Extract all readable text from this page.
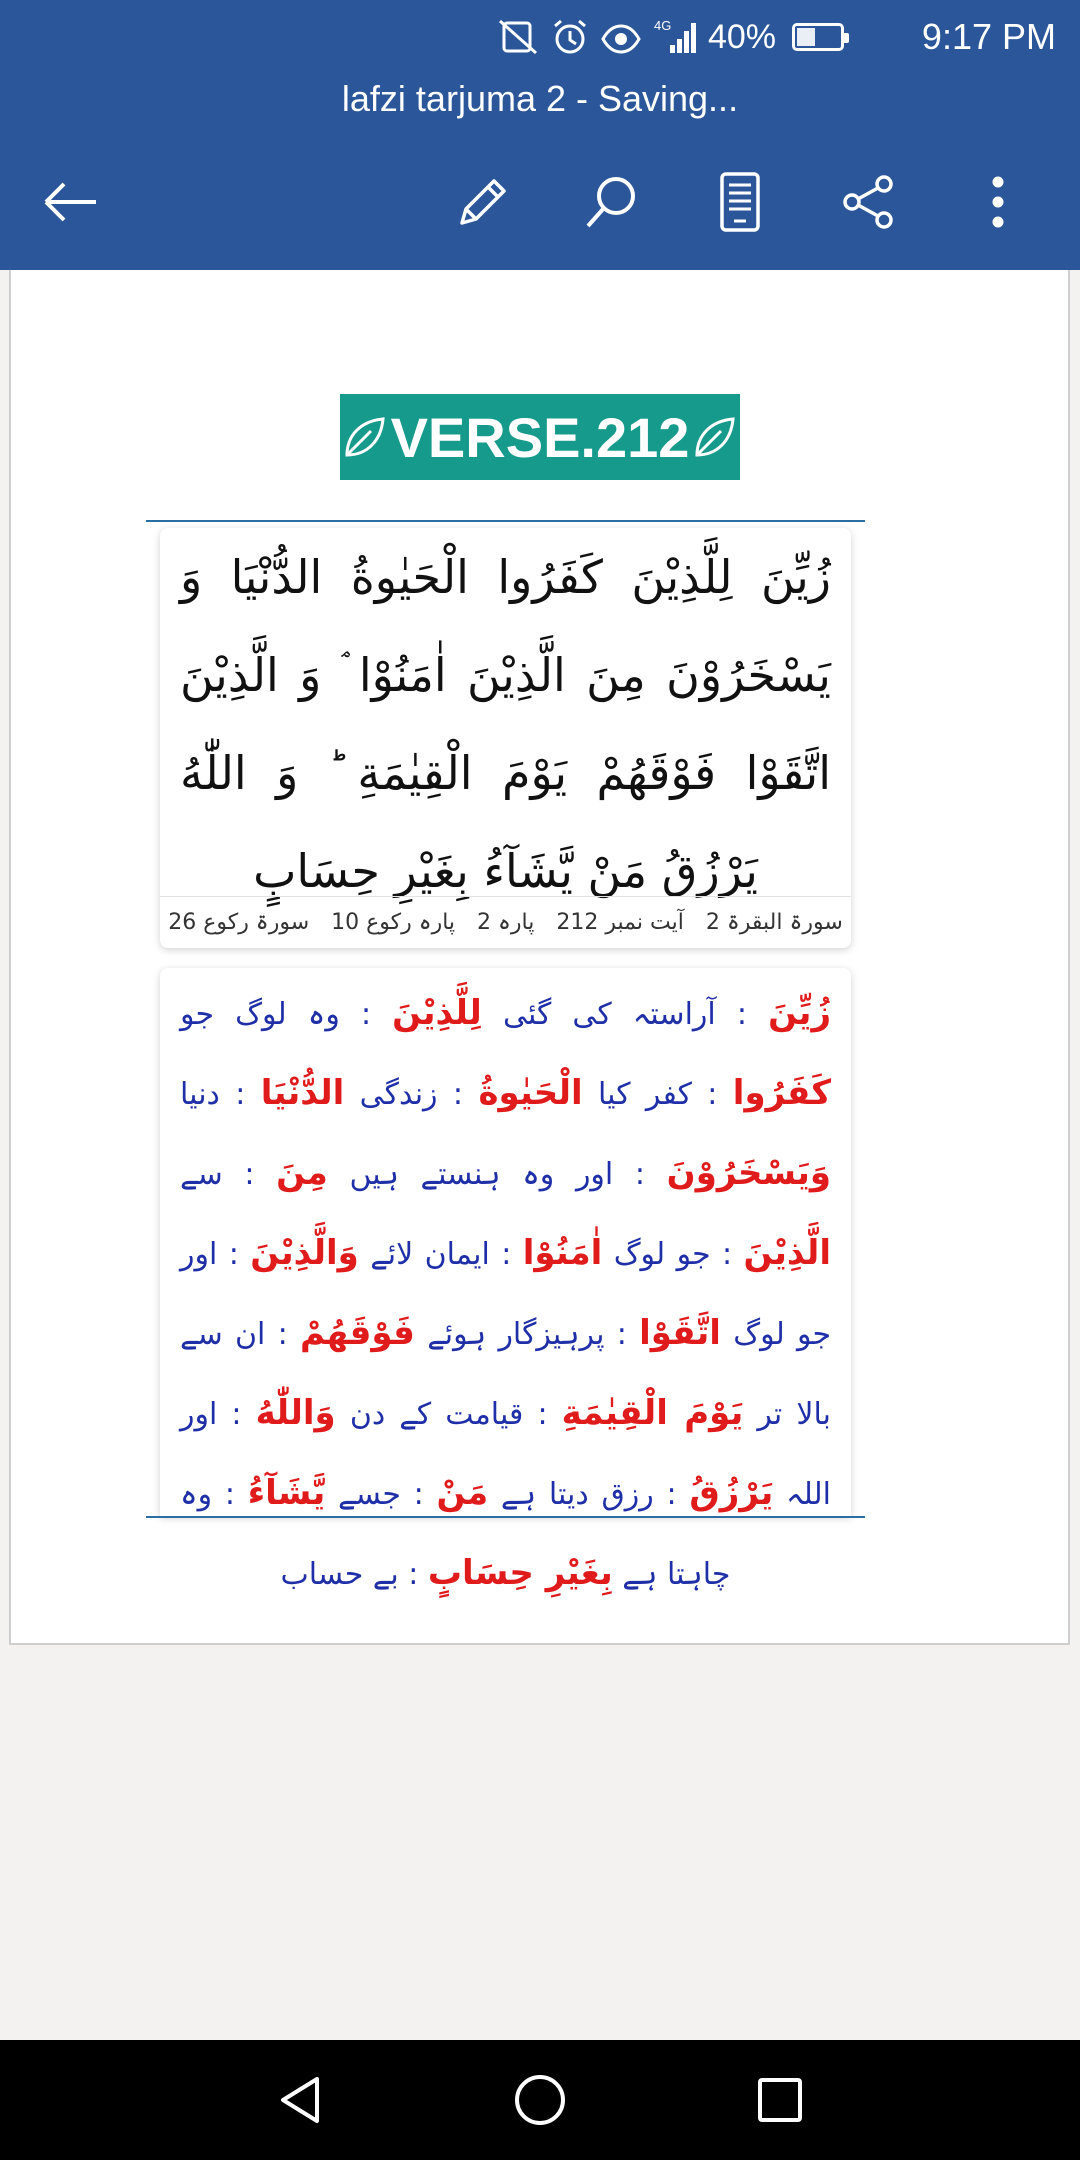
4G 40%	9:17 PM
lafzi tarjuma 2 - Saving...
VERSE.212
زُيِّنَ لِلَّذِيْنَ كَفَرُوا الْحَيٰوةُ الدُّنْيَا وَ يَسْخَرُوْنَ مِنَ الَّذِيْنَ اٰمَنُوْا ۘ وَ الَّذِيْنَ اتَّقَوْا فَوْقَهُمْ يَوْمَ الْقِيٰمَةِ ؕ وَ اللّٰهُ يَرْزُقُ مَنْ يَّشَآءُ بِغَيْرِ حِسَابٍ
سورۃ البقرۃ 2
آیت نمبر 212
پارہ 2
پارہ رکوع 10
سورۃ رکوع 26
زُيِّنَ : آراستہ کی گئی لِلَّذِيْنَ : وہ لوگ جو كَفَرُوا : کفر کیا الْحَيٰوةُ : زندگی الدُّنْيَا : دنیا وَيَسْخَرُوْنَ : اور وہ ہنستے ہیں مِنَ : سے الَّذِيْنَ : جو لوگ اٰمَنُوْا : ایمان لائے وَالَّذِيْنَ : اور جو لوگ اتَّقَوْا : پرہیزگار ہوئے فَوْقَهُمْ : ان سے بالا تر يَوْمَ الْقِيٰمَةِ : قیامت کے دن وَاللّٰهُ : اور اللہ يَرْزُقُ : رزق دیتا ہے مَنْ : جسے يَّشَآءُ : وہ چاہتا ہے بِغَيْرِ حِسَابٍ : بے حساب
